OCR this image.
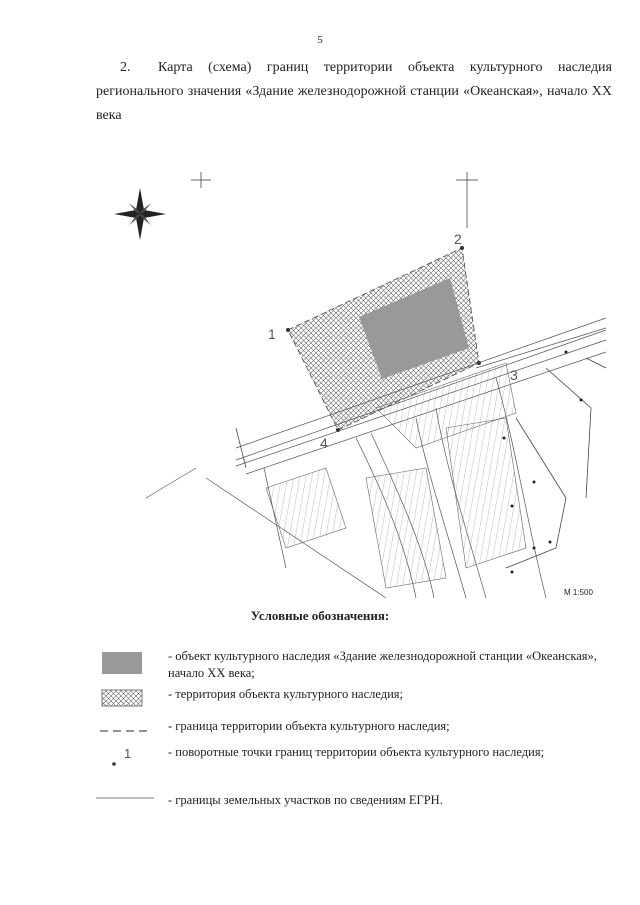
5
2. Карта (схема) границ территории объекта культурного наследия регионального значения «Здание железнодорожной станции «Океанская», начало XX века
1
2
3
4
М 1:500
Условные обозначения:
- объект культурного наследия «Здание железнодорожной станции «Океанская», начало XX века;
- территория объекта культурного наследия;
- граница территории объекта культурного наследия;
1	- поворотные точки границ территории объекта культурного наследия;
- границы земельных участков по сведениям ЕГРН.
